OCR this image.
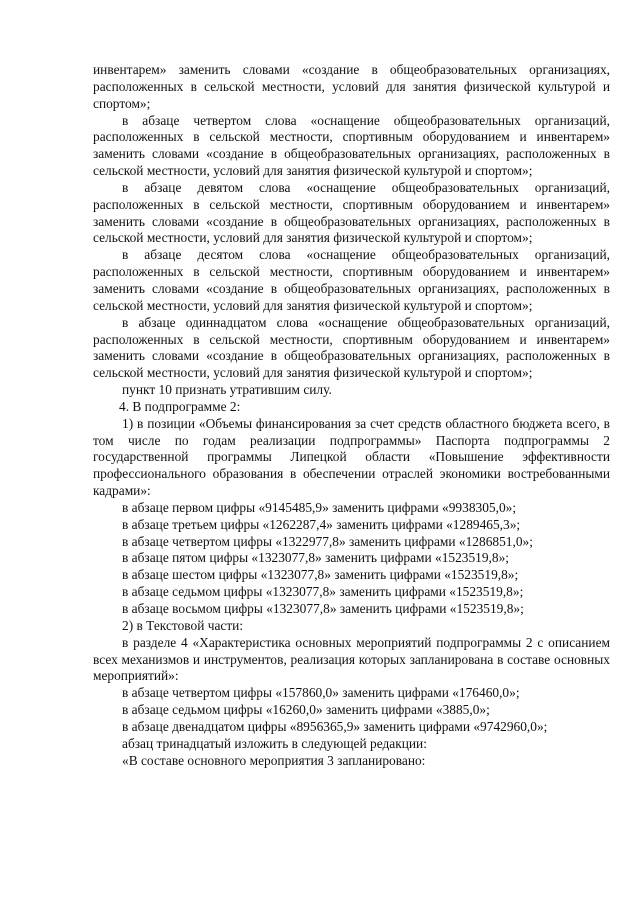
инвентарем» заменить словами «создание в общеобразовательных организациях, расположенных в сельской местности, условий для занятия физической культурой и спортом»;

в абзаце четвертом слова «оснащение общеобразовательных организаций, расположенных в сельской местности, спортивным оборудованием и инвентарем» заменить словами «создание в общеобразовательных организациях, расположенных в сельской местности, условий для занятия физической культурой и спортом»;

в абзаце девятом слова «оснащение общеобразовательных организаций, расположенных в сельской местности, спортивным оборудованием и инвентарем» заменить словами «создание в общеобразовательных организациях, расположенных в сельской местности, условий для занятия физической культурой и спортом»;

в абзаце десятом слова «оснащение общеобразовательных организаций, расположенных в сельской местности, спортивным оборудованием и инвентарем» заменить словами «создание в общеобразовательных организациях, расположенных в сельской местности, условий для занятия физической культурой и спортом»;

в абзаце одиннадцатом слова «оснащение общеобразовательных организаций, расположенных в сельской местности, спортивным оборудованием и инвентарем» заменить словами «создание в общеобразовательных организациях, расположенных в сельской местности, условий для занятия физической культурой и спортом»;

пункт 10 признать утратившим силу.

4. В подпрограмме 2:

1) в позиции «Объемы финансирования за счет средств областного бюджета всего, в том числе по годам реализации подпрограммы» Паспорта подпрограммы 2 государственной программы Липецкой области «Повышение эффективности профессионального образования в обеспечении отраслей экономики востребованными кадрами»:

в абзаце первом цифры «9145485,9» заменить цифрами «9938305,0»;

в абзаце третьем цифры «1262287,4» заменить цифрами «1289465,3»;

в абзаце четвертом цифры «1322977,8» заменить цифрами «1286851,0»;

в абзаце пятом цифры «1323077,8» заменить цифрами «1523519,8»;

в абзаце шестом цифры «1323077,8» заменить цифрами «1523519,8»;

в абзаце седьмом цифры «1323077,8» заменить цифрами «1523519,8»;

в абзаце восьмом цифры «1323077,8» заменить цифрами «1523519,8»;

2) в Текстовой части:

в разделе 4 «Характеристика основных мероприятий подпрограммы 2 с описанием всех механизмов и инструментов, реализация которых запланирована в составе основных мероприятий»:

в абзаце четвертом цифры «157860,0» заменить цифрами «176460,0»;

в абзаце седьмом цифры «16260,0» заменить цифрами «3885,0»;

в абзаце двенадцатом цифры «8956365,9» заменить цифрами «9742960,0»;

абзац тринадцатый изложить в следующей редакции:

«В составе основного мероприятия 3 запланировано:
